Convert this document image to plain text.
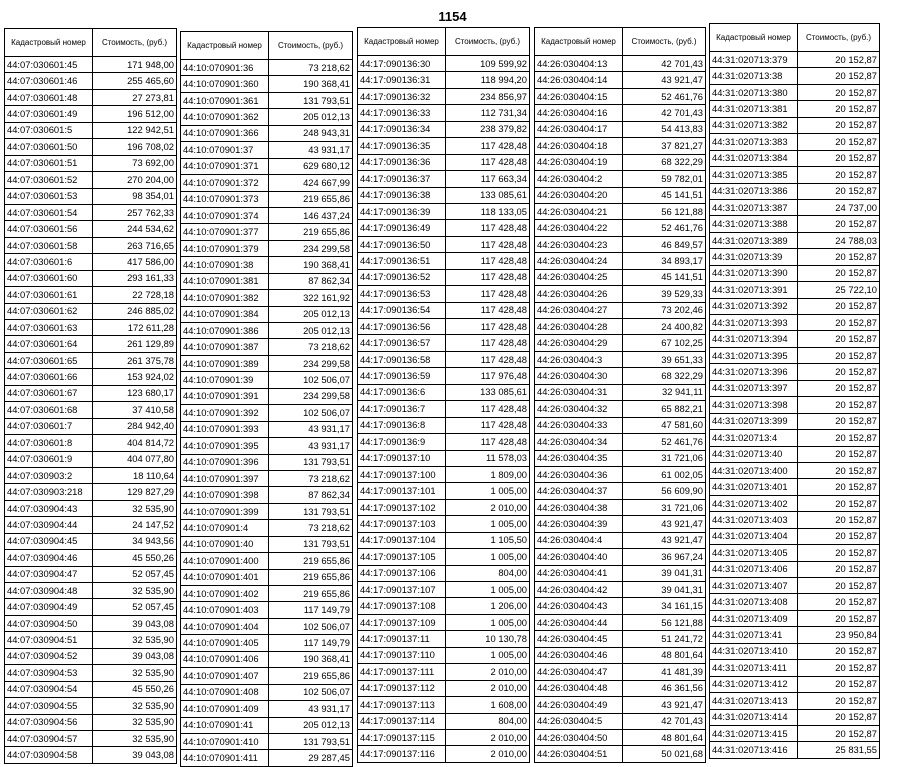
1154
Кадастровый номер	Стоимость, (руб.)
44:07:030601:45	171 948,00
44:07:030601:46	255 465,60
44:07:030601:48	27 273,81
44:07:030601:49	196 512,00
44:07:030601:5	122 942,51
44:07:030601:50	196 708,02
44:07:030601:51	73 692,00
44:07:030601:52	270 204,00
44:07:030601:53	98 354,01
44:07:030601:54	257 762,33
44:07:030601:56	244 534,62
44:07:030601:58	263 716,65
44:07:030601:6	417 586,00
44:07:030601:60	293 161,33
44:07:030601:61	22 728,18
44:07:030601:62	246 885,02
44:07:030601:63	172 611,28
44:07:030601:64	261 129,89
44:07:030601:65	261 375,78
44:07:030601:66	153 924,02
44:07:030601:67	123 680,17
44:07:030601:68	37 410,58
44:07:030601:7	284 942,40
44:07:030601:8	404 814,72
44:07:030601:9	404 077,80
44:07:030903:2	18 110,64
44:07:030903:218	129 827,29
44:07:030904:43	32 535,90
44:07:030904:44	24 147,52
44:07:030904:45	34 943,56
44:07:030904:46	45 550,26
44:07:030904:47	52 057,45
44:07:030904:48	32 535,90
44:07:030904:49	52 057,45
44:07:030904:50	39 043,08
44:07:030904:51	32 535,90
44:07:030904:52	39 043,08
44:07:030904:53	32 535,90
44:07:030904:54	45 550,26
44:07:030904:55	32 535,90
44:07:030904:56	32 535,90
44:07:030904:57	32 535,90
44:07:030904:58	39 043,08
Кадастровый номер	Стоимость, (руб.)
44:10:070901:36	73 218,62
44:10:070901:360	190 368,41
44:10:070901:361	131 793,51
44:10:070901:362	205 012,13
44:10:070901:366	248 943,31
44:10:070901:37	43 931,17
44:10:070901:371	629 680,12
44:10:070901:372	424 667,99
44:10:070901:373	219 655,86
44:10:070901:374	146 437,24
44:10:070901:377	219 655,86
44:10:070901:379	234 299,58
44:10:070901:38	190 368,41
44:10:070901:381	87 862,34
44:10:070901:382	322 161,92
44:10:070901:384	205 012,13
44:10:070901:386	205 012,13
44:10:070901:387	73 218,62
44:10:070901:389	234 299,58
44:10:070901:39	102 506,07
44:10:070901:391	234 299,58
44:10:070901:392	102 506,07
44:10:070901:393	43 931,17
44:10:070901:395	43 931,17
44:10:070901:396	131 793,51
44:10:070901:397	73 218,62
44:10:070901:398	87 862,34
44:10:070901:399	131 793,51
44:10:070901:4	73 218,62
44:10:070901:40	131 793,51
44:10:070901:400	219 655,86
44:10:070901:401	219 655,86
44:10:070901:402	219 655,86
44:10:070901:403	117 149,79
44:10:070901:404	102 506,07
44:10:070901:405	117 149,79
44:10:070901:406	190 368,41
44:10:070901:407	219 655,86
44:10:070901:408	102 506,07
44:10:070901:409	43 931,17
44:10:070901:41	205 012,13
44:10:070901:410	131 793,51
44:10:070901:411	29 287,45
Кадастровый номер	Стоимость, (руб.)
44:17:090136:30	109 599,92
44:17:090136:31	118 994,20
44:17:090136:32	234 856,97
44:17:090136:33	112 731,34
44:17:090136:34	238 379,82
44:17:090136:35	117 428,48
44:17:090136:36	117 428,48
44:17:090136:37	117 663,34
44:17:090136:38	133 085,61
44:17:090136:39	118 133,05
44:17:090136:49	117 428,48
44:17:090136:50	117 428,48
44:17:090136:51	117 428,48
44:17:090136:52	117 428,48
44:17:090136:53	117 428,48
44:17:090136:54	117 428,48
44:17:090136:56	117 428,48
44:17:090136:57	117 428,48
44:17:090136:58	117 428,48
44:17:090136:59	117 976,48
44:17:090136:6	133 085,61
44:17:090136:7	117 428,48
44:17:090136:8	117 428,48
44:17:090136:9	117 428,48
44:17:090137:10	11 578,03
44:17:090137:100	1 809,00
44:17:090137:101	1 005,00
44:17:090137:102	2 010,00
44:17:090137:103	1 005,00
44:17:090137:104	1 105,50
44:17:090137:105	1 005,00
44:17:090137:106	804,00
44:17:090137:107	1 005,00
44:17:090137:108	1 206,00
44:17:090137:109	1 005,00
44:17:090137:11	10 130,78
44:17:090137:110	1 005,00
44:17:090137:111	2 010,00
44:17:090137:112	2 010,00
44:17:090137:113	1 608,00
44:17:090137:114	804,00
44:17:090137:115	2 010,00
44:17:090137:116	2 010,00
Кадастровый номер	Стоимость, (руб.)
44:26:030404:13	42 701,43
44:26:030404:14	43 921,47
44:26:030404:15	52 461,76
44:26:030404:16	42 701,43
44:26:030404:17	54 413,83
44:26:030404:18	37 821,27
44:26:030404:19	68 322,29
44:26:030404:2	59 782,01
44:26:030404:20	45 141,51
44:26:030404:21	56 121,88
44:26:030404:22	52 461,76
44:26:030404:23	46 849,57
44:26:030404:24	34 893,17
44:26:030404:25	45 141,51
44:26:030404:26	39 529,33
44:26:030404:27	73 202,46
44:26:030404:28	24 400,82
44:26:030404:29	67 102,25
44:26:030404:3	39 651,33
44:26:030404:30	68 322,29
44:26:030404:31	32 941,11
44:26:030404:32	65 882,21
44:26:030404:33	47 581,60
44:26:030404:34	52 461,76
44:26:030404:35	31 721,06
44:26:030404:36	61 002,05
44:26:030404:37	56 609,90
44:26:030404:38	31 721,06
44:26:030404:39	43 921,47
44:26:030404:4	43 921,47
44:26:030404:40	36 967,24
44:26:030404:41	39 041,31
44:26:030404:42	39 041,31
44:26:030404:43	34 161,15
44:26:030404:44	56 121,88
44:26:030404:45	51 241,72
44:26:030404:46	48 801,64
44:26:030404:47	41 481,39
44:26:030404:48	46 361,56
44:26:030404:49	43 921,47
44:26:030404:5	42 701,43
44:26:030404:50	48 801,64
44:26:030404:51	50 021,68
Кадастровый номер	Стоимость, (руб.)
44:31:020713:379	20 152,87
44:31:020713:38	20 152,87
44:31:020713:380	20 152,87
44:31:020713:381	20 152,87
44:31:020713:382	20 152,87
44:31:020713:383	20 152,87
44:31:020713:384	20 152,87
44:31:020713:385	20 152,87
44:31:020713:386	20 152,87
44:31:020713:387	24 737,00
44:31:020713:388	20 152,87
44:31:020713:389	24 788,03
44:31:020713:39	20 152,87
44:31:020713:390	20 152,87
44:31:020713:391	25 722,10
44:31:020713:392	20 152,87
44:31:020713:393	20 152,87
44:31:020713:394	20 152,87
44:31:020713:395	20 152,87
44:31:020713:396	20 152,87
44:31:020713:397	20 152,87
44:31:020713:398	20 152,87
44:31:020713:399	20 152,87
44:31:020713:4	20 152,87
44:31:020713:40	20 152,87
44:31:020713:400	20 152,87
44:31:020713:401	20 152,87
44:31:020713:402	20 152,87
44:31:020713:403	20 152,87
44:31:020713:404	20 152,87
44:31:020713:405	20 152,87
44:31:020713:406	20 152,87
44:31:020713:407	20 152,87
44:31:020713:408	20 152,87
44:31:020713:409	20 152,87
44:31:020713:41	23 950,84
44:31:020713:410	20 152,87
44:31:020713:411	20 152,87
44:31:020713:412	20 152,87
44:31:020713:413	20 152,87
44:31:020713:414	20 152,87
44:31:020713:415	20 152,87
44:31:020713:416	25 831,55
